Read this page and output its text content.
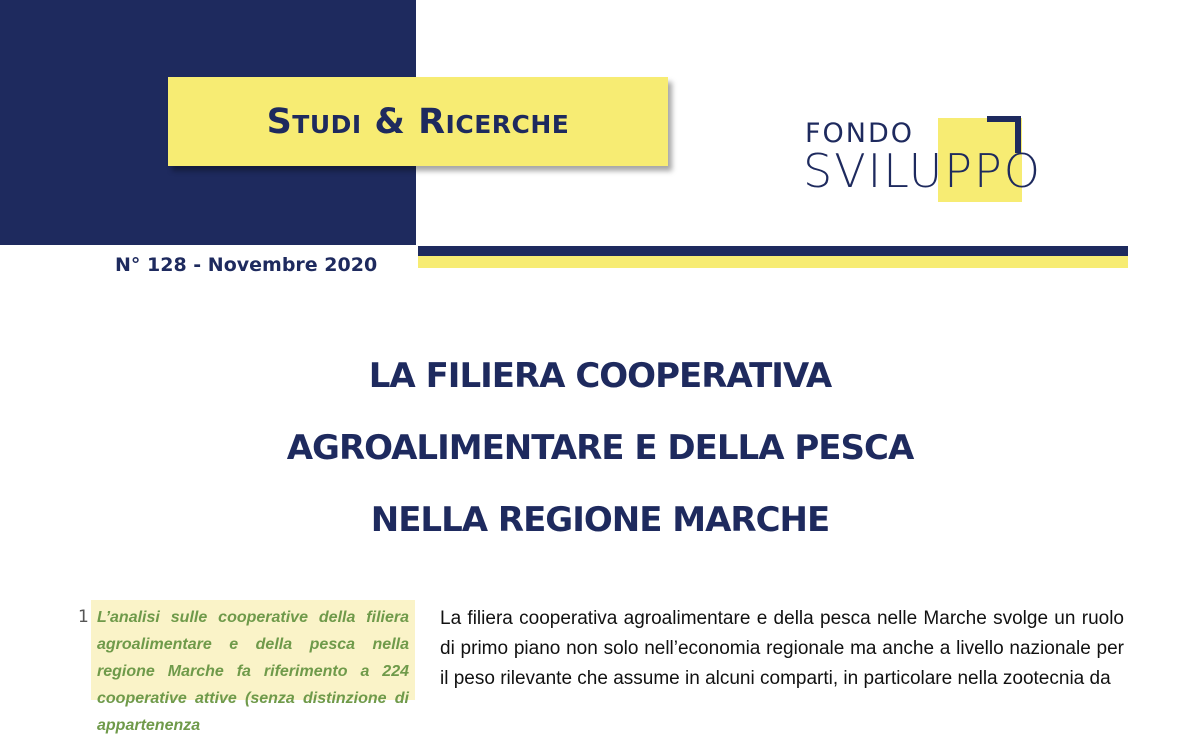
Studi & Ricerche	FONDO
SVILUPPO
N° 128 - Novembre 2020
LA FILIERA COOPERATIVA
AGROALIMENTARE E DELLA PESCA
NELLA REGIONE MARCHE
1 L’analisi sulle cooperative della filiera agroalimentare e della pesca nella regione Marche fa riferimento a 224 cooperative attive (senza distinzione di appartenenza

La filiera cooperativa agroalimentare e della pesca nelle Marche svolge un ruolo di primo piano non solo nell’economia regionale ma anche a livello nazionale per il peso rilevante che assume in alcuni comparti, in particolare nella zootecnia da
